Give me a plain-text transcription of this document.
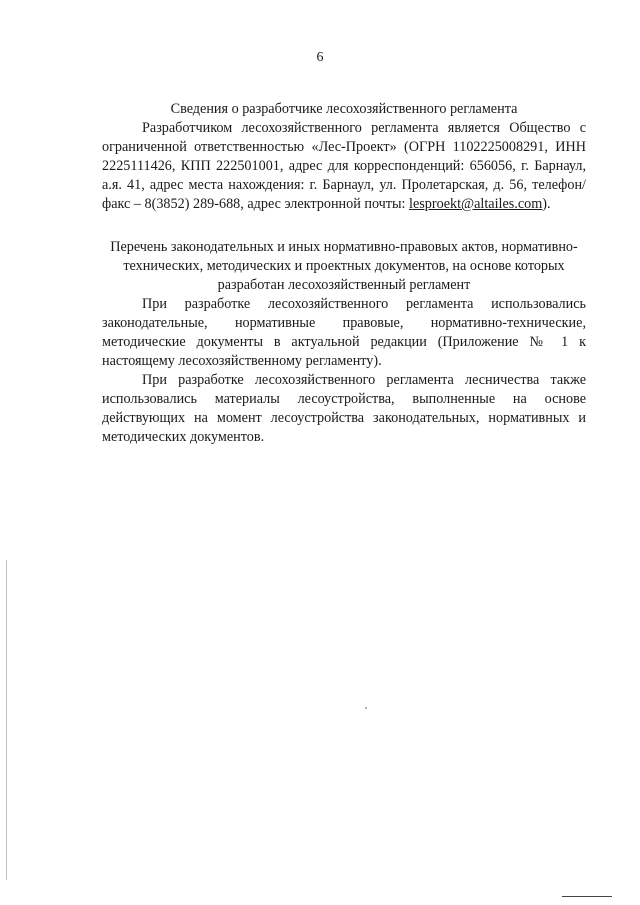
6

Сведения о разработчике лесохозяйственного регламента

Разработчиком лесохозяйственного регламента является Общество с ограниченной ответственностью «Лес-Проект» (ОГРН 1102225008291, ИНН 2225111426, КПП 222501001, адрес для корреспонденций: 656056, г. Барнаул, а.я. 41, адрес места нахождения: г. Барнаул, ул. Пролетарская, д. 56, телефон/факс – 8(3852) 289-688, адрес электронной почты: lesproekt@altailes.com).

Перечень законодательных и иных нормативно-правовых актов, нормативно-технических, методических и проектных документов, на основе которых разработан лесохозяйственный регламент

При разработке лесохозяйственного регламента использовались законодательные, нормативные правовые, нормативно-технические, методические документы в актуальной редакции (Приложение № 1 к настоящему лесохозяйственному регламенту).

При разработке лесохозяйственного регламента лесничества также использовались материалы лесоустройства, выполненные на основе действующих на момент лесоустройства законодательных, нормативных и методических документов.
